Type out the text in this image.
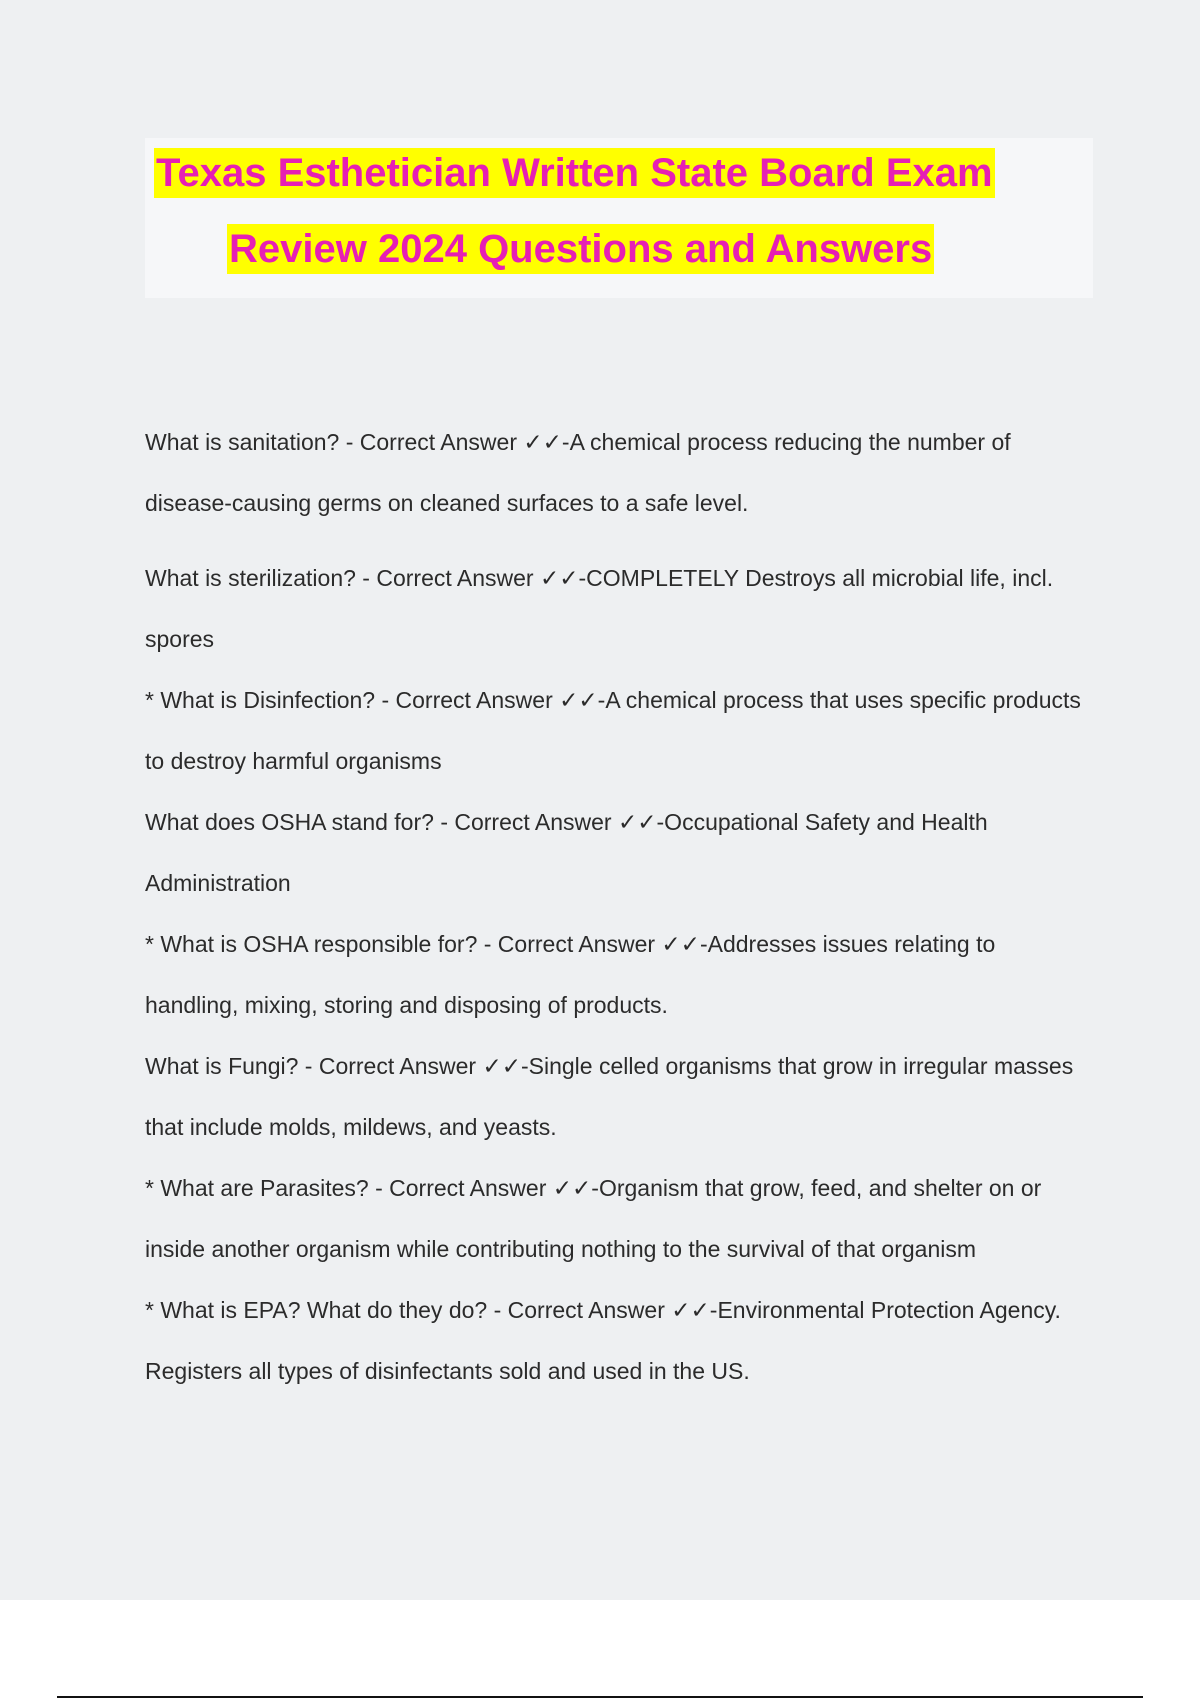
Texas Esthetician Written State Board Exam
Review 2024 Questions and Answers

What is sanitation? - Correct Answer ✓✓-A chemical process reducing the number of disease-causing germs on cleaned surfaces to a safe level.

What is sterilization? - Correct Answer ✓✓-COMPLETELY Destroys all microbial life, incl. spores

* What is Disinfection? - Correct Answer ✓✓-A chemical process that uses specific products to destroy harmful organisms

What does OSHA stand for? - Correct Answer ✓✓-Occupational Safety and Health Administration

* What is OSHA responsible for? - Correct Answer ✓✓-Addresses issues relating to handling, mixing, storing and disposing of products.

What is Fungi? - Correct Answer ✓✓-Single celled organisms that grow in irregular masses that include molds, mildews, and yeasts.

* What are Parasites? - Correct Answer ✓✓-Organism that grow, feed, and shelter on or inside another organism while contributing nothing to the survival of that organism

* What is EPA? What do they do? - Correct Answer ✓✓-Environmental Protection Agency. Registers all types of disinfectants sold and used in the US.
